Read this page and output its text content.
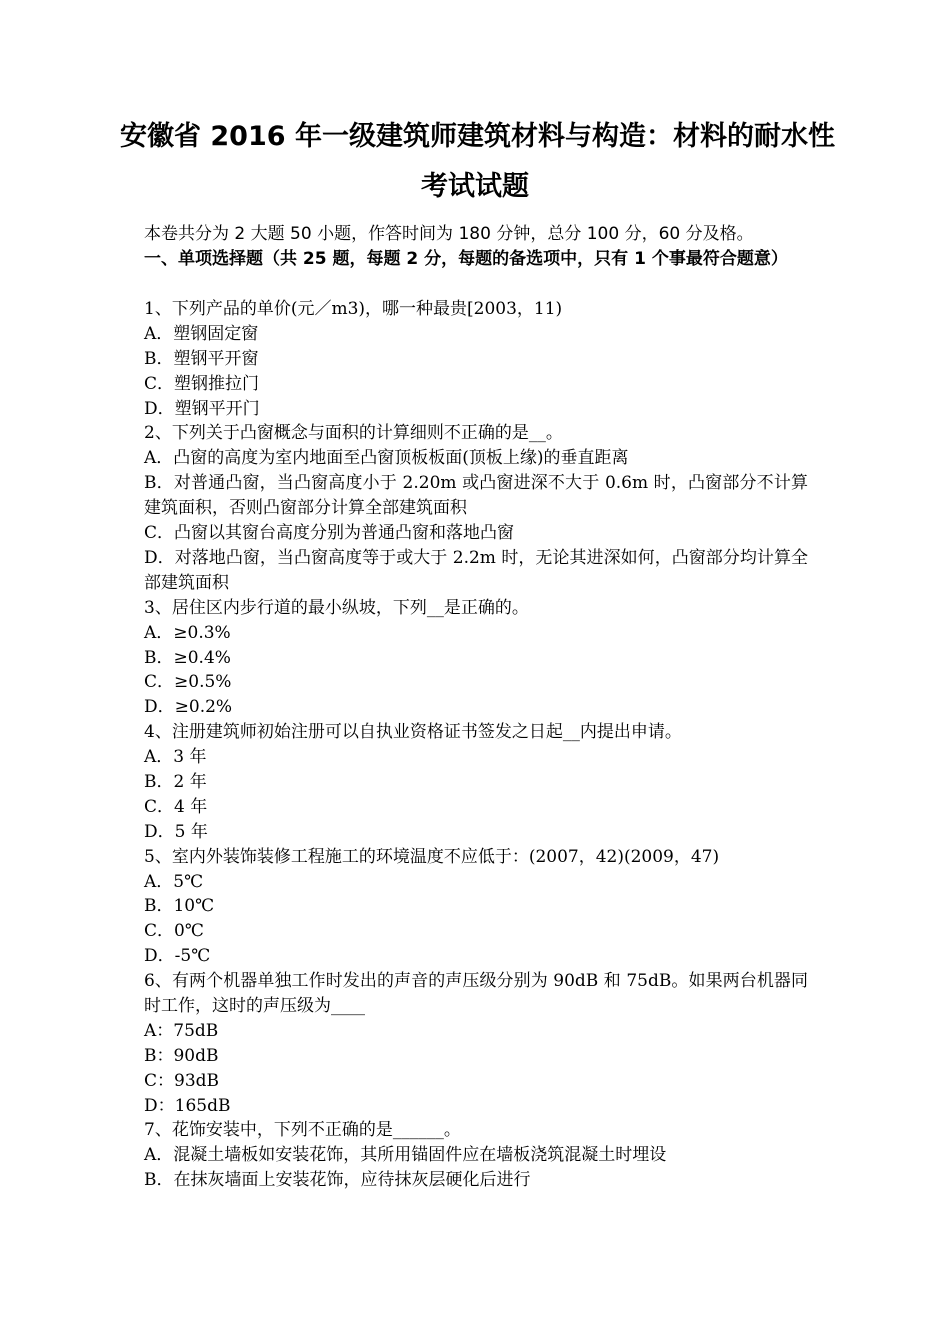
安徽省 2016 年一级建筑师建筑材料与构造：材料的耐水性
考试试题
本卷共分为 2 大题 50 小题，作答时间为 180 分钟，总分 100 分，60 分及格。
一、单项选择题（共 25 题，每题 2 分，每题的备选项中，只有 1 个事最符合题意）
1、下列产品的单价(元／m3)，哪一种最贵[2003，11)
A．塑钢固定窗
B．塑钢平开窗
C．塑钢推拉门
D．塑钢平开门
2、下列关于凸窗概念与面积的计算细则不正确的是__。
A．凸窗的高度为室内地面至凸窗顶板板面(顶板上缘)的垂直距离
B．对普通凸窗，当凸窗高度小于 2.20m 或凸窗进深不大于 0.6m 时，凸窗部分不计算建筑面积，否则凸窗部分计算全部建筑面积
C．凸窗以其窗台高度分别为普通凸窗和落地凸窗
D．对落地凸窗，当凸窗高度等于或大于 2.2m 时，无论其进深如何，凸窗部分均计算全部建筑面积
3、居住区内步行道的最小纵坡，下列__是正确的。
A．≥0.3%
B．≥0.4%
C．≥0.5%
D．≥0.2%
4、注册建筑师初始注册可以自执业资格证书签发之日起__内提出申请。
A．3 年
B．2 年
C．4 年
D．5 年
5、室内外装饰装修工程施工的环境温度不应低于：(2007，42)(2009，47)
A．5℃
B．10℃
C．0℃
D．-5℃
6、有两个机器单独工作时发出的声音的声压级分别为 90dB 和 75dB。如果两台机器同时工作，这时的声压级为____
A：75dB
B：90dB
C：93dB
D：165dB
7、花饰安装中，下列不正确的是______。
A．混凝土墙板如安装花饰，其所用锚固件应在墙板浇筑混凝土时埋设
B．在抹灰墙面上安装花饰，应待抹灰层硬化后进行
